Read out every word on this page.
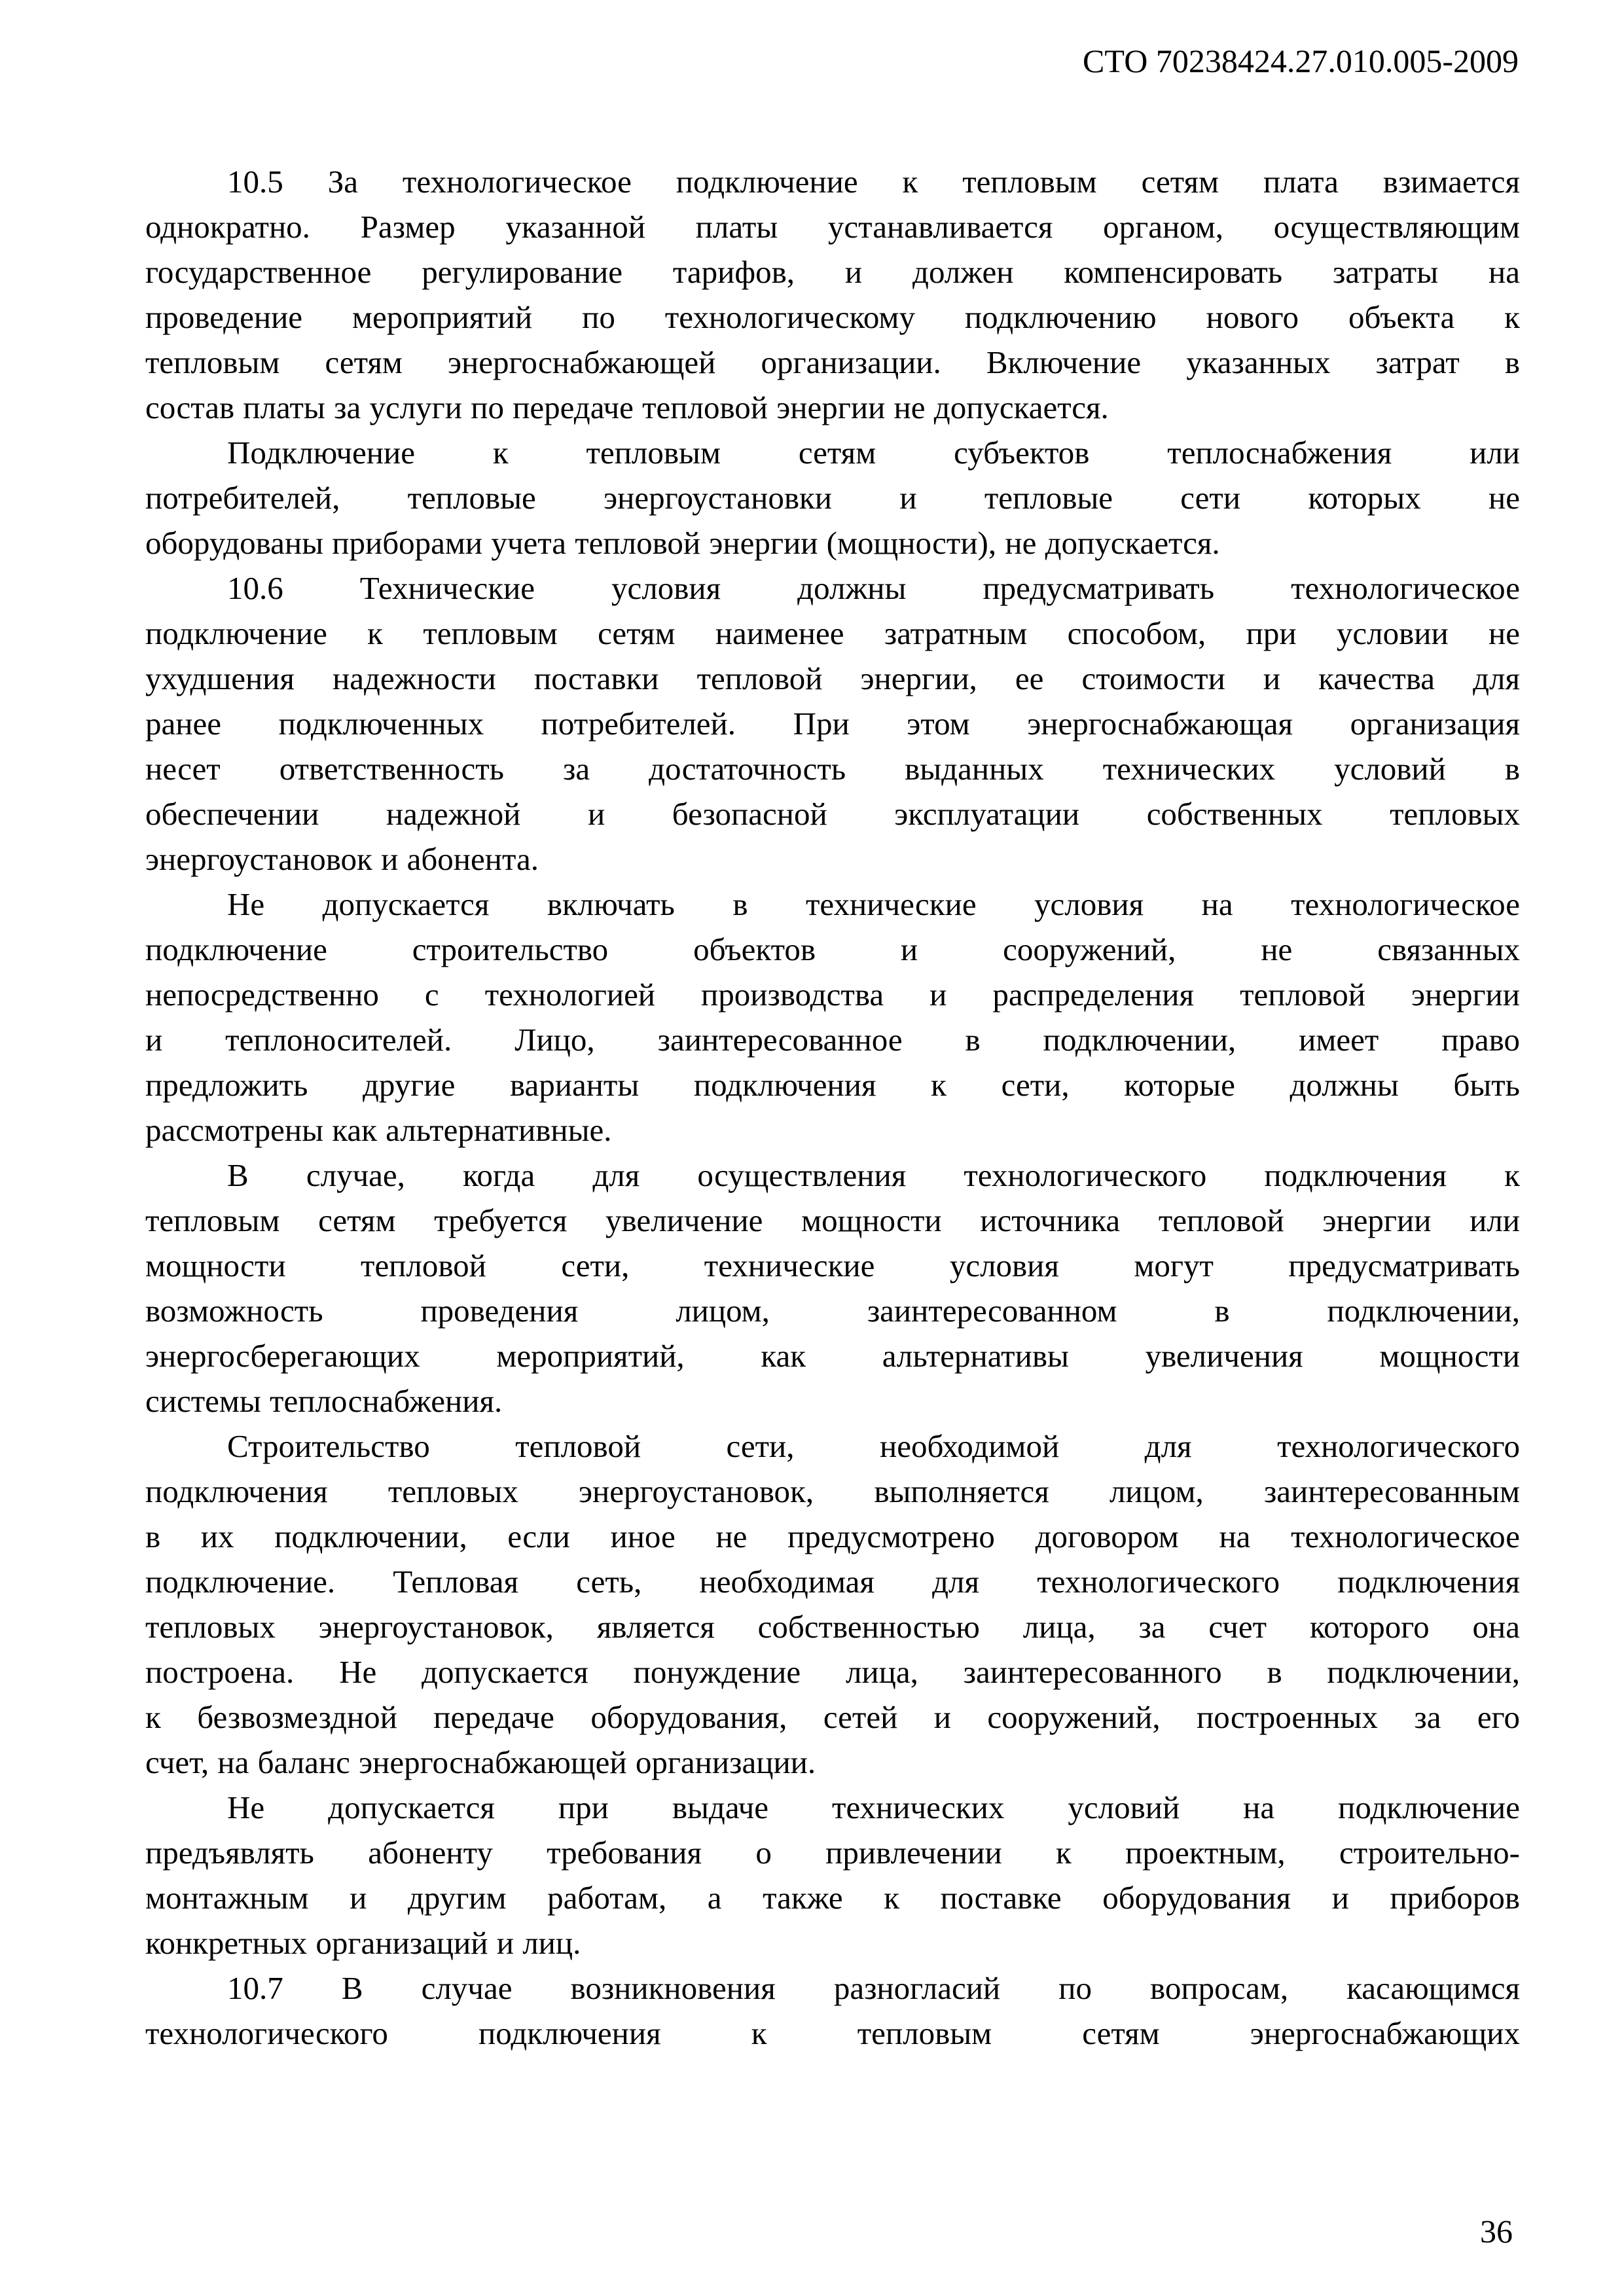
СТО 70238424.27.010.005-2009
10.5 За технологическое подключение к тепловым сетям плата взимается
однократно. Размер указанной платы устанавливается органом, осуществляющим
государственное регулирование тарифов, и должен компенсировать затраты на
проведение мероприятий по технологическому подключению нового объекта к
тепловым сетям энергоснабжающей организации. Включение указанных затрат в
состав платы за услуги по передаче тепловой энергии не допускается.
Подключение к тепловым сетям субъектов теплоснабжения или
потребителей, тепловые энергоустановки и тепловые сети которых не
оборудованы приборами учета тепловой энергии (мощности), не допускается.
10.6 Технические условия должны предусматривать технологическое
подключение к тепловым сетям наименее затратным способом, при условии не
ухудшения надежности поставки тепловой энергии, ее стоимости и качества для
ранее подключенных потребителей. При этом энергоснабжающая организация
несет ответственность за достаточность выданных технических условий в
обеспечении надежной и безопасной эксплуатации собственных тепловых
энергоустановок и абонента.
Не допускается включать в технические условия на технологическое
подключение строительство объектов и сооружений, не связанных
непосредственно с технологией производства и распределения тепловой энергии
и теплоносителей. Лицо, заинтересованное в подключении, имеет право
предложить другие варианты подключения к сети, которые должны быть
рассмотрены как альтернативные.
В случае, когда для осуществления технологического подключения к
тепловым сетям требуется увеличение мощности источника тепловой энергии или
мощности тепловой сети, технические условия могут предусматривать
возможность проведения лицом, заинтересованном в подключении,
энергосберегающих мероприятий, как альтернативы увеличения мощности
системы теплоснабжения.
Строительство тепловой сети, необходимой для технологического
подключения тепловых энергоустановок, выполняется лицом, заинтересованным
в их подключении, если иное не предусмотрено договором на технологическое
подключение. Тепловая сеть, необходимая для технологического подключения
тепловых энергоустановок, является собственностью лица, за счет которого она
построена. Не допускается понуждение лица, заинтересованного в подключении,
к безвозмездной передаче оборудования, сетей и сооружений, построенных за его
счет, на баланс энергоснабжающей организации.
Не допускается при выдаче технических условий на подключение
предъявлять абоненту требования о привлечении к проектным, строительно-
монтажным и другим работам, а также к поставке оборудования и приборов
конкретных организаций и лиц.
10.7 В случае возникновения разногласий по вопросам, касающимся
технологического подключения к тепловым сетям энергоснабжающих
36
